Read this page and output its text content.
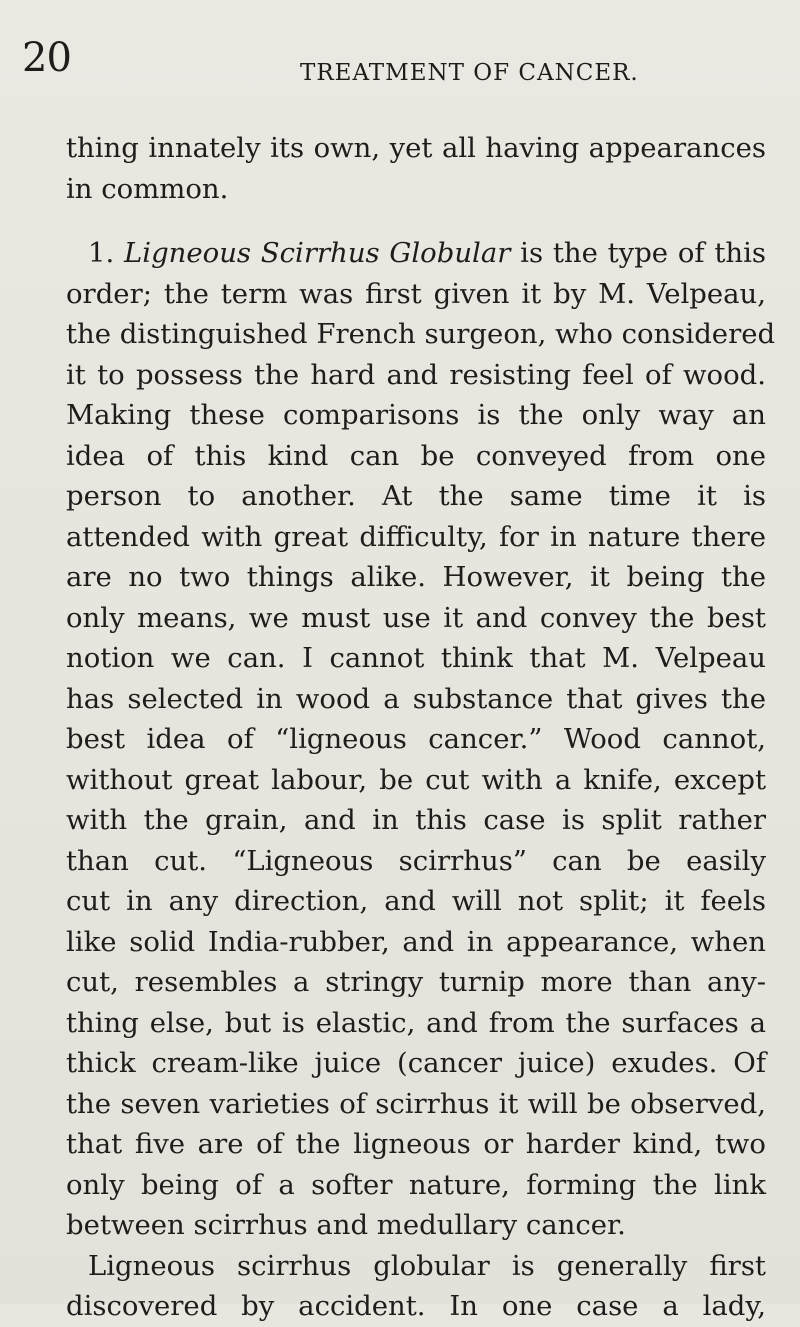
20	TREATMENT OF CANCER.
thing innately its own, yet all having appearances
in common.
1. Ligneous Scirrhus Globular is the type of this
order; the term was first given it by M. Velpeau,
the distinguished French surgeon, who considered
it to possess the hard and resisting feel of wood.
Making these comparisons is the only way an
idea of this kind can be conveyed from one
person to another. At the same time it is
attended with great difficulty, for in nature there
are no two things alike. However, it being the
only means, we must use it and convey the best
notion we can. I cannot think that M. Velpeau
has selected in wood a substance that gives the
best idea of “ligneous cancer.” Wood cannot,
without great labour, be cut with a knife, except
with the grain, and in this case is split rather
than cut. “Ligneous scirrhus” can be easily
cut in any direction, and will not split; it feels
like solid India-rubber, and in appearance, when
cut, resembles a stringy turnip more than any-
thing else, but is elastic, and from the surfaces a
thick cream-like juice (cancer juice) exudes. Of
the seven varieties of scirrhus it will be observed,
that five are of the ligneous or harder kind, two
only being of a softer nature, forming the link
between scirrhus and medullary cancer.
Ligneous scirrhus globular is generally first
discovered by accident. In one case a lady,
